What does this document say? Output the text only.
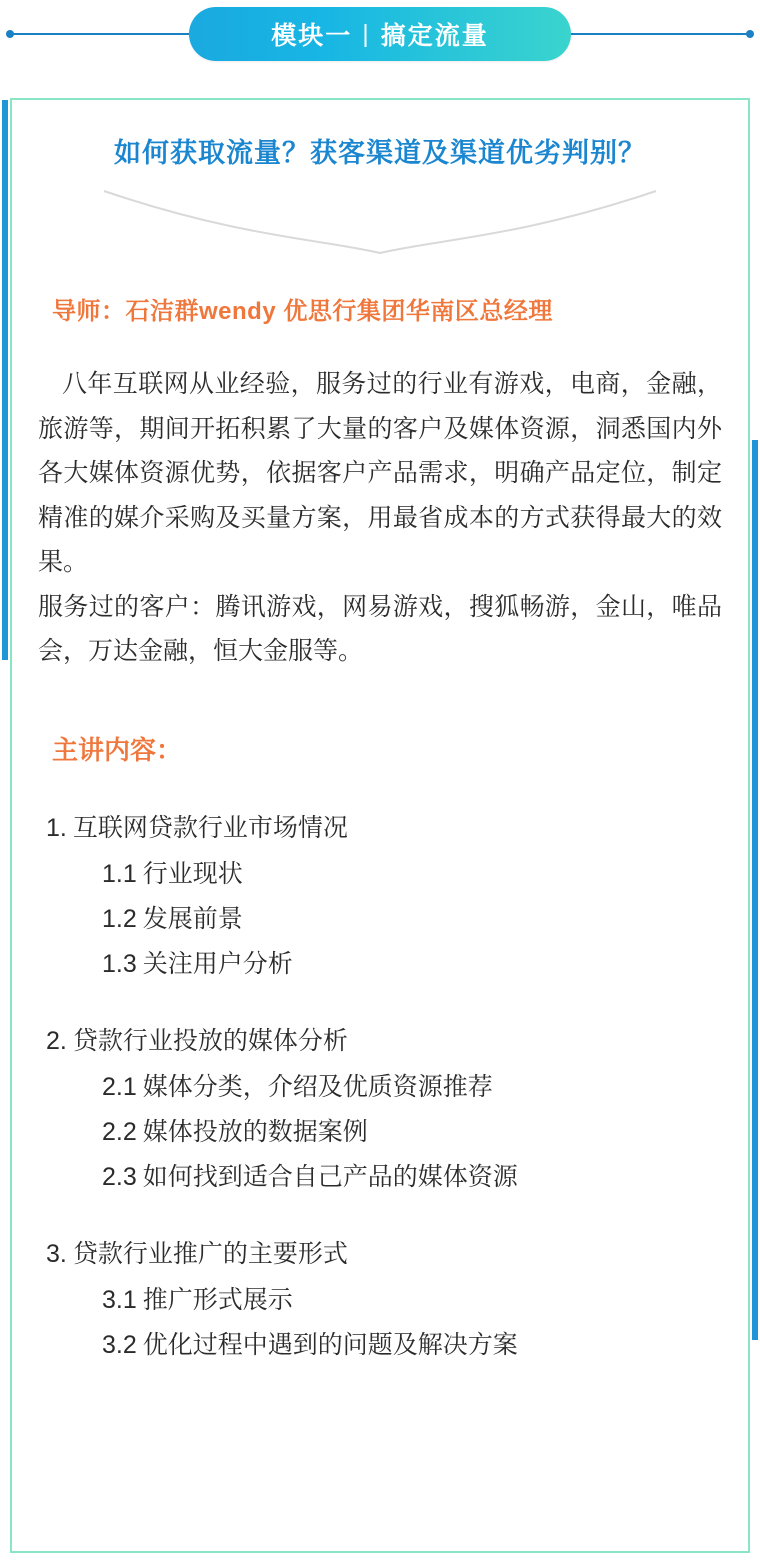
模块一 | 搞定流量
如何获取流量？获客渠道及渠道优劣判别？
导师：石洁群wendy 优思行集团华南区总经理

八年互联网从业经验，服务过的行业有游戏，电商，金融，旅游等，期间开拓积累了大量的客户及媒体资源，洞悉国内外各大媒体资源优势，依据客户产品需求，明确产品定位，制定精准的媒介采购及买量方案，用最省成本的方式获得最大的效果。

服务过的客户：腾讯游戏，网易游戏，搜狐畅游，金山，唯品会，万达金融，恒大金服等。

主讲内容：
1. 互联网贷款行业市场情况
1.1 行业现状
1.2 发展前景
1.3 关注用户分析
2. 贷款行业投放的媒体分析
2.1 媒体分类，介绍及优质资源推荐
2.2 媒体投放的数据案例
2.3 如何找到适合自己产品的媒体资源
3. 贷款行业推广的主要形式
3.1 推广形式展示
3.2 优化过程中遇到的问题及解决方案
